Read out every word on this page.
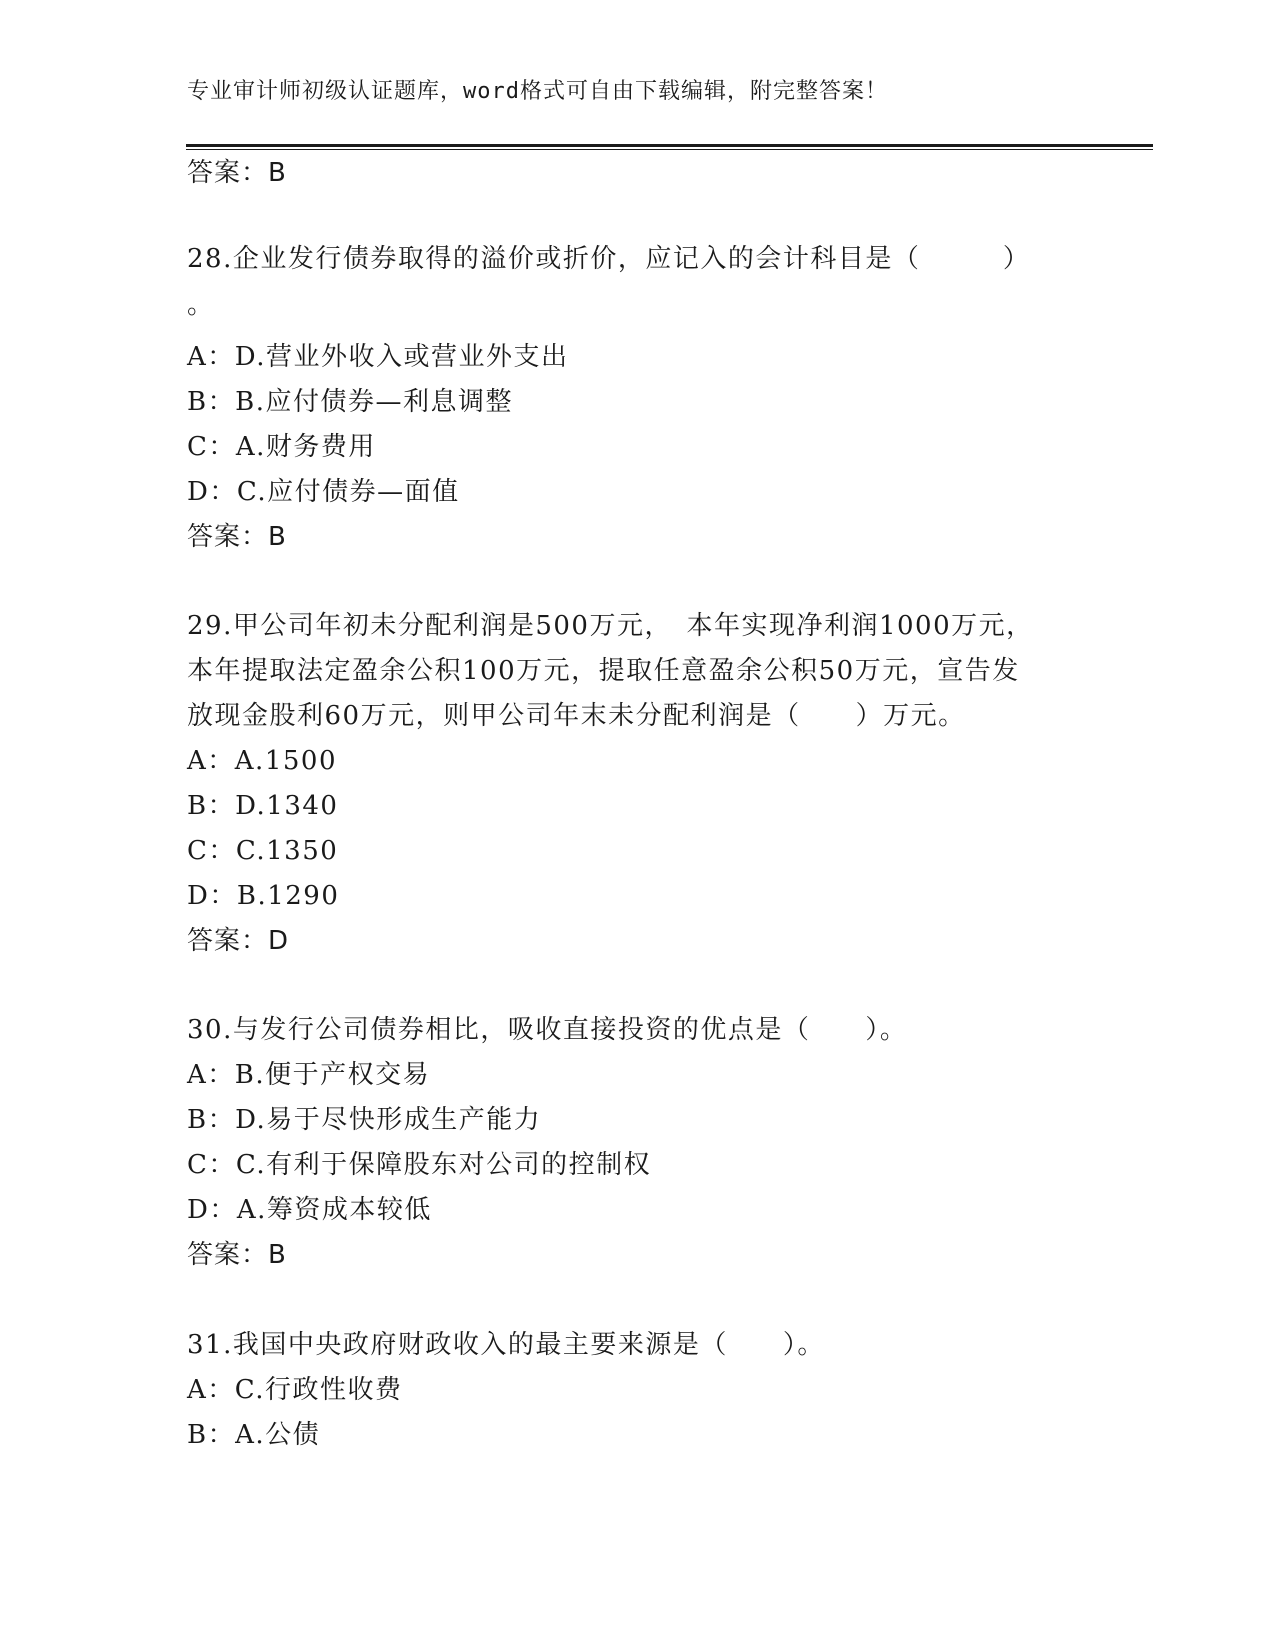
专业审计师初级认证题库，word格式可自由下载编辑，附完整答案！
答案：B
28.企业发行债券取得的溢价或折价，应记入的会计科目是（　　　）
。
A：D.营业外收入或营业外支出
B：B.应付债券—利息调整
C：A.财务费用
D：C.应付债券—面值
答案：B
29.甲公司年初未分配利润是500万元，　本年实现净利润1000万元，
本年提取法定盈余公积100万元，提取任意盈余公积50万元，宣告发
放现金股利60万元，则甲公司年末未分配利润是（　　）万元。
A：A.1500
B：D.1340
C：C.1350
D：B.1290
答案：D
30.与发行公司债券相比，吸收直接投资的优点是（　　）。
A：B.便于产权交易
B：D.易于尽快形成生产能力
C：C.有利于保障股东对公司的控制权
D：A.筹资成本较低
答案：B
31.我国中央政府财政收入的最主要来源是（　　）。
A：C.行政性收费
B：A.公债
